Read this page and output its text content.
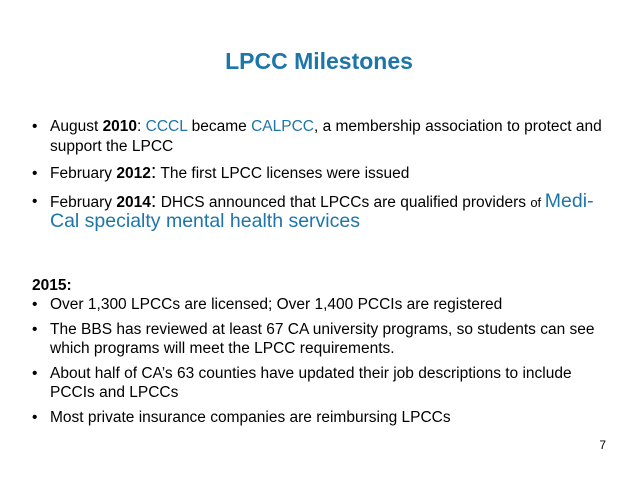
LPCC Milestones
• August 2010: CCCL became CALPCC, a membership association to protect and support the LPCC
• February 2012: The first LPCC licenses were issued
• February 2014: DHCS announced that LPCCs are qualified providers of Medi-Cal specialty mental health services

2015:

• Over 1,300 LPCCs are licensed; Over 1,400 PCCIs are registered
• The BBS has reviewed at least 67 CA university programs, so students can see which programs will meet the LPCC requirements.
• About half of CA’s 63 counties have updated their job descriptions to include PCCIs and LPCCs
• Most private insurance companies are reimbursing LPCCs
7
